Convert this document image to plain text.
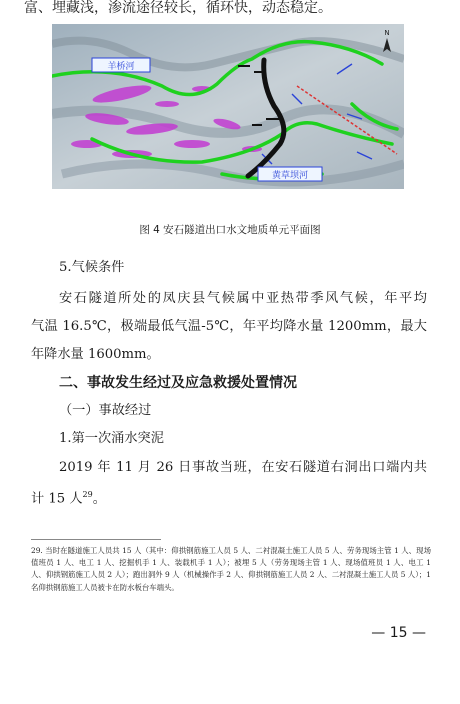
富、埋藏浅，渗流途径较长，循环快，动态稳定。
羊桥河
黄草坝河
N
图 4 安石隧道出口水文地质单元平面图
5.气候条件
安石隧道所处的凤庆县气候属中亚热带季风气候，年平均
气温 16.5℃，极端最低气温-5℃，年平均降水量 1200mm，最大
年降水量 1600mm。
二、事故发生经过及应急救援处置情况
（一）事故经过
1.第一次涌水突泥
2019 年 11 月 26 日事故当班，在安石隧道右洞出口端内共
计 15 人$^{29}$。
29. 当时在隧道施工人员共 15 人（其中：仰拱钢筋施工人员 5 人、二衬混凝土施工人员 5 人、劳务现场主管 1 人、现场值班员 1 人、电工 1 人、挖掘机手 1 人、装载机手 1 人）；被埋 5 人（劳务现场主管 1 人、现场值班员 1 人、电工 1 人、仰拱钢筋施工人员 2 人）；跑出洞外 9 人（机械操作手 2 人、仰拱钢筋施工人员 2 人、二衬混凝土施工人员 5 人）；1 名仰拱钢筋施工人员被卡在防水板台车端头。
— 15 —
